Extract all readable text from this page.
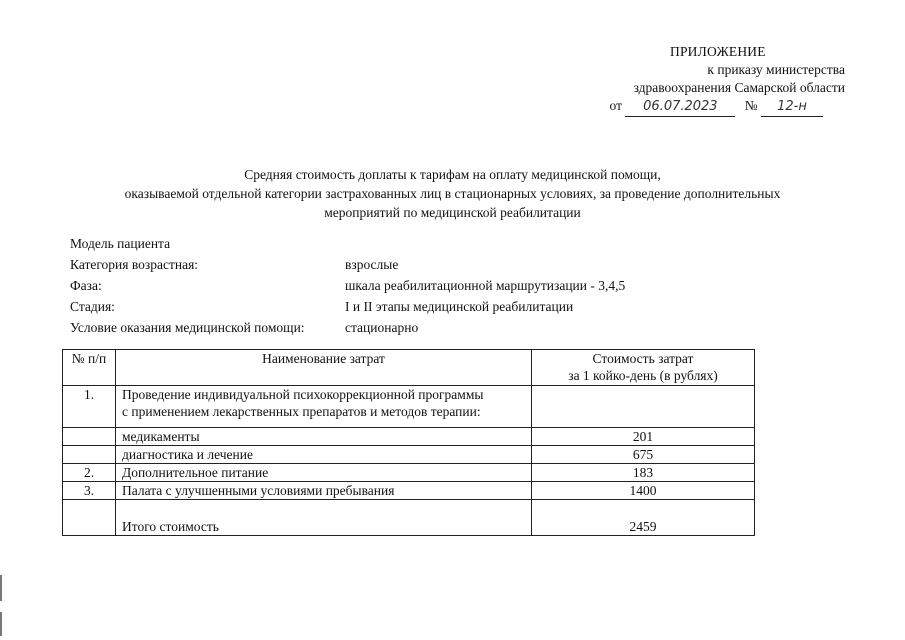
ПРИЛОЖЕНИЕ
к приказу министерства
здравоохранения Самарской области
от 06.07.2023 № 12-н
Средняя стоимость доплаты к тарифам на оплату медицинской помощи,
оказываемой отдельной категории застрахованных лиц в стационарных условиях, за проведение дополнительных
мероприятий по медицинской реабилитации
Модель пациента
Категория возрастная:	взрослые
Фаза:	шкала реабилитационной маршрутизации - 3,4,5
Стадия:	I и II этапы медицинской реабилитации
Условие оказания медицинской помощи:	стационарно
№ п/п	Наименование затрат	Стоимость затрат
за 1 койко-день (в рублях)

1.	Проведение индивидуальной психокоррекционной программы
с применением лекарственных препаратов и методов терапии:	

	медикаменты	201
	диагностика и лечение	675
2.	Дополнительное питание	183
3.	Палата с улучшенными условиями пребывания	1400
	Итого стоимость	2459
